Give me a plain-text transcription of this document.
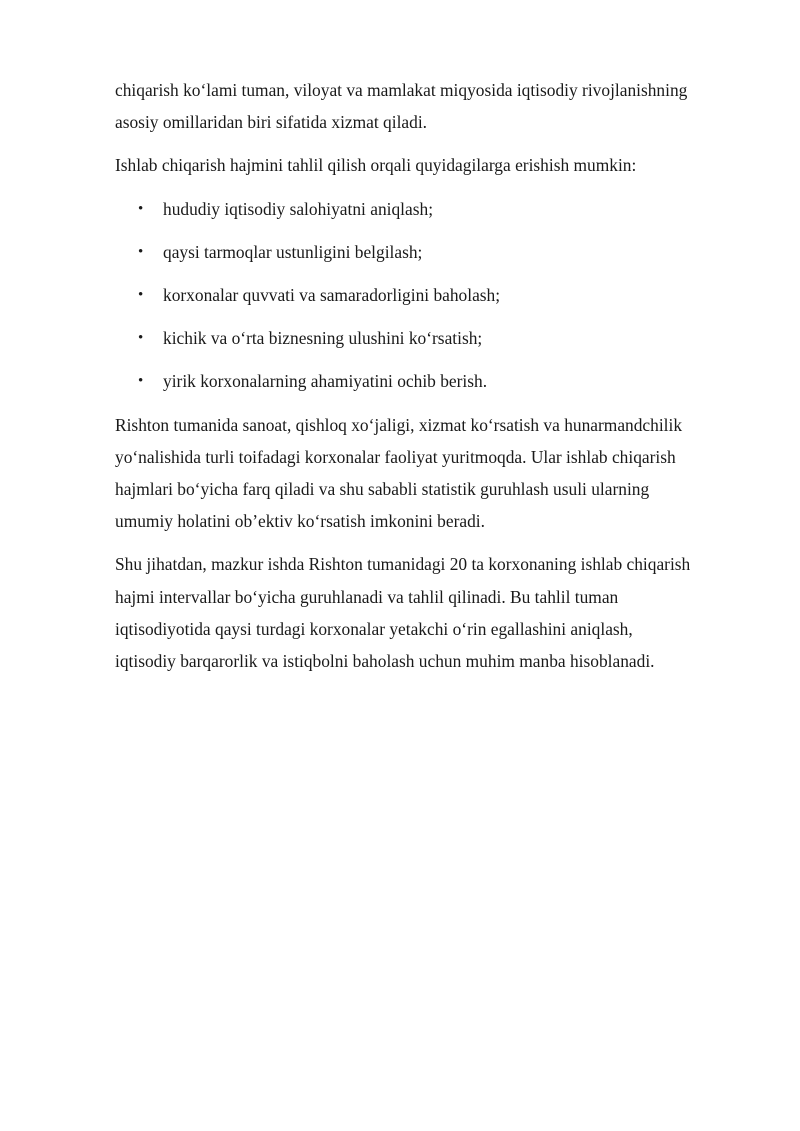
chiqarish koʻlami tuman, viloyat va mamlakat miqyosida iqtisodiy rivojlanishning
asosiy omillaridan biri sifatida xizmat qiladi.

Ishlab chiqarish hajmini tahlil qilish orqali quyidagilarga erishish mumkin:

• hududiy iqtisodiy salohiyatni aniqlash;
• qaysi tarmoqlar ustunligini belgilash;
• korxonalar quvvati va samaradorligini baholash;
• kichik va oʻrta biznesning ulushini koʻrsatish;
• yirik korxonalarning ahamiyatini ochib berish.

Rishton tumanida sanoat, qishloq xoʻjaligi, xizmat koʻrsatish va hunarmandchilik
yoʻnalishida turli toifadagi korxonalar faoliyat yuritmoqda. Ular ishlab chiqarish
hajmlari boʻyicha farq qiladi va shu sababli statistik guruhlash usuli ularning
umumiy holatini obʼektiv koʻrsatish imkonini beradi.

Shu jihatdan, mazkur ishda Rishton tumanidagi 20 ta korxonaning ishlab chiqarish
hajmi intervallar boʻyicha guruhlanadi va tahlil qilinadi. Bu tahlil tuman
iqtisodiyotida qaysi turdagi korxonalar yetakchi oʻrin egallashini aniqlash,
iqtisodiy barqarorlik va istiqbolni baholash uchun muhim manba hisoblanadi.
